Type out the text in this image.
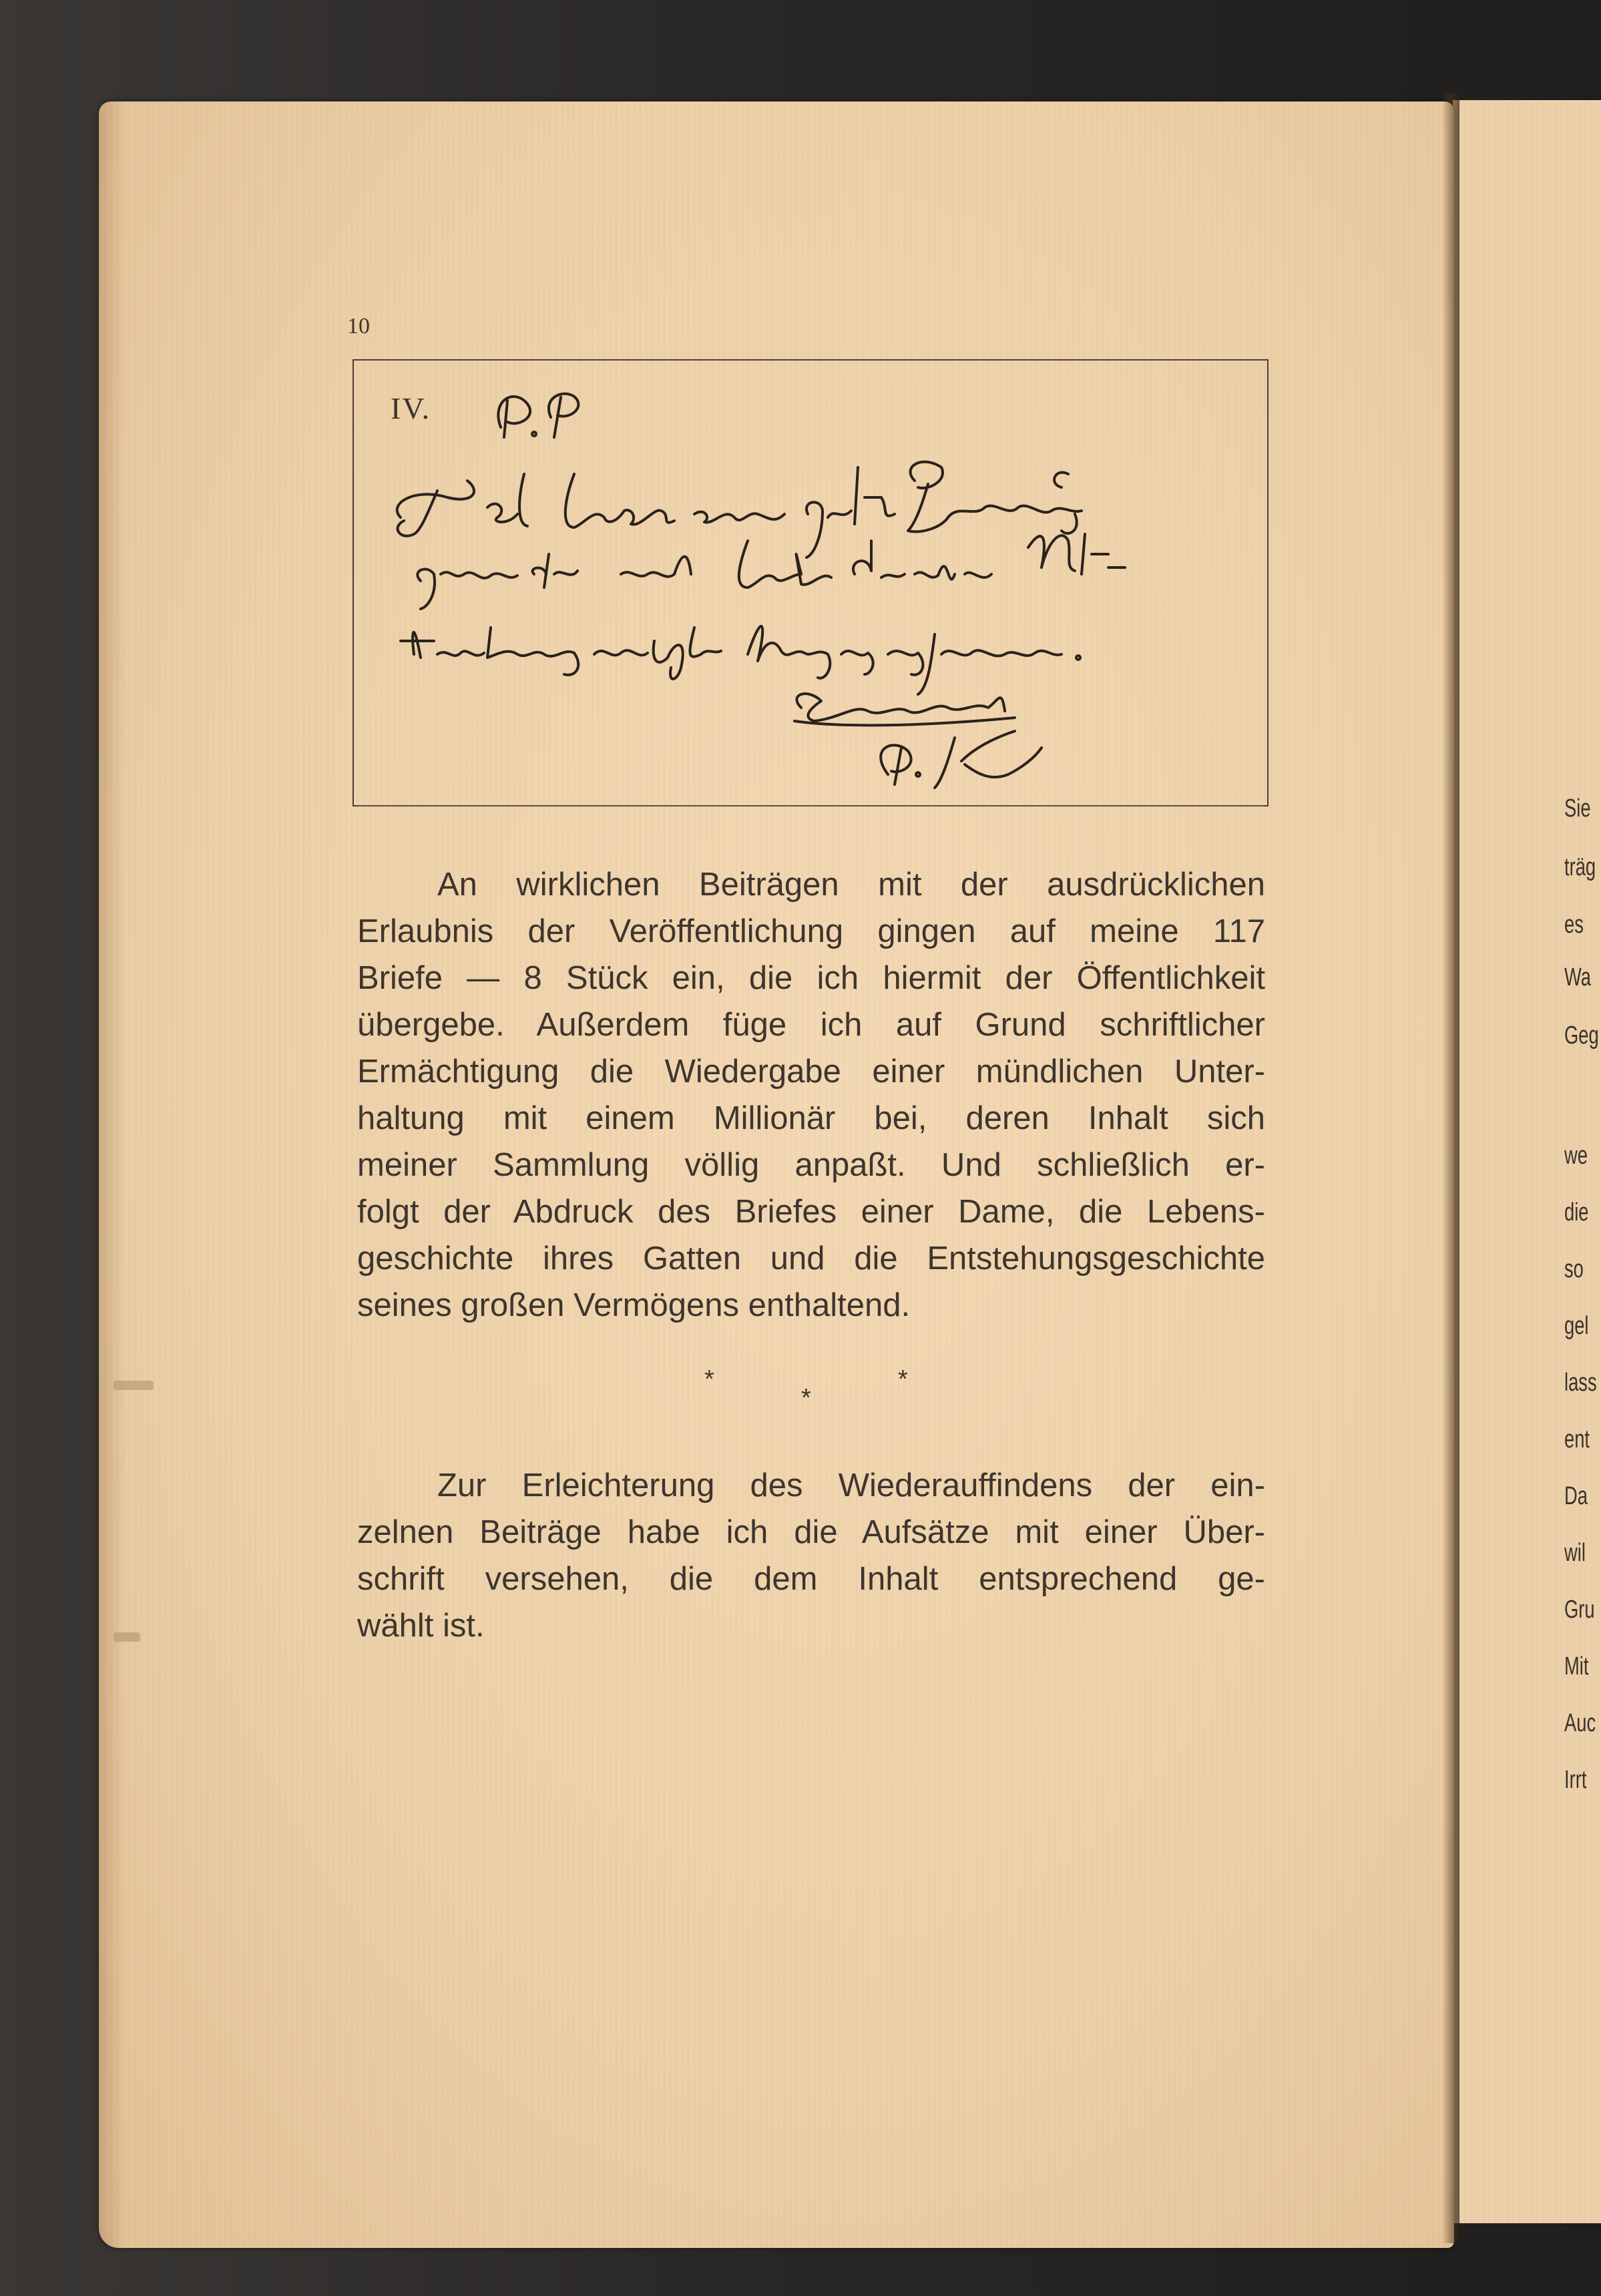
10
IV.
An wirklichen Beiträgen mit der ausdrücklichen
Erlaubnis der Veröffentlichung gingen auf meine 117
Briefe — 8 Stück ein, die ich hiermit der Öffentlichkeit
übergebe. Außerdem füge ich auf Grund schriftlicher
Ermächtigung die Wiedergabe einer mündlichen Unter-
haltung mit einem Millionär bei, deren Inhalt sich
meiner Sammlung völlig anpaßt. Und schließlich er-
folgt der Abdruck des Briefes einer Dame, die Lebens-
geschichte ihres Gatten und die Entstehungsgeschichte
seines großen Vermögens enthaltend.
*
*
*
Zur Erleichterung des Wiederauffindens der ein-
zelnen Beiträge habe ich die Aufsätze mit einer Über-
schrift versehen, die dem Inhalt entsprechend ge-
wählt ist.
Sie
träg
es
Wa
Geg
we
die
so
gel
lass
ent
Da
wil
Gru
Mit
Auc
Irrt
